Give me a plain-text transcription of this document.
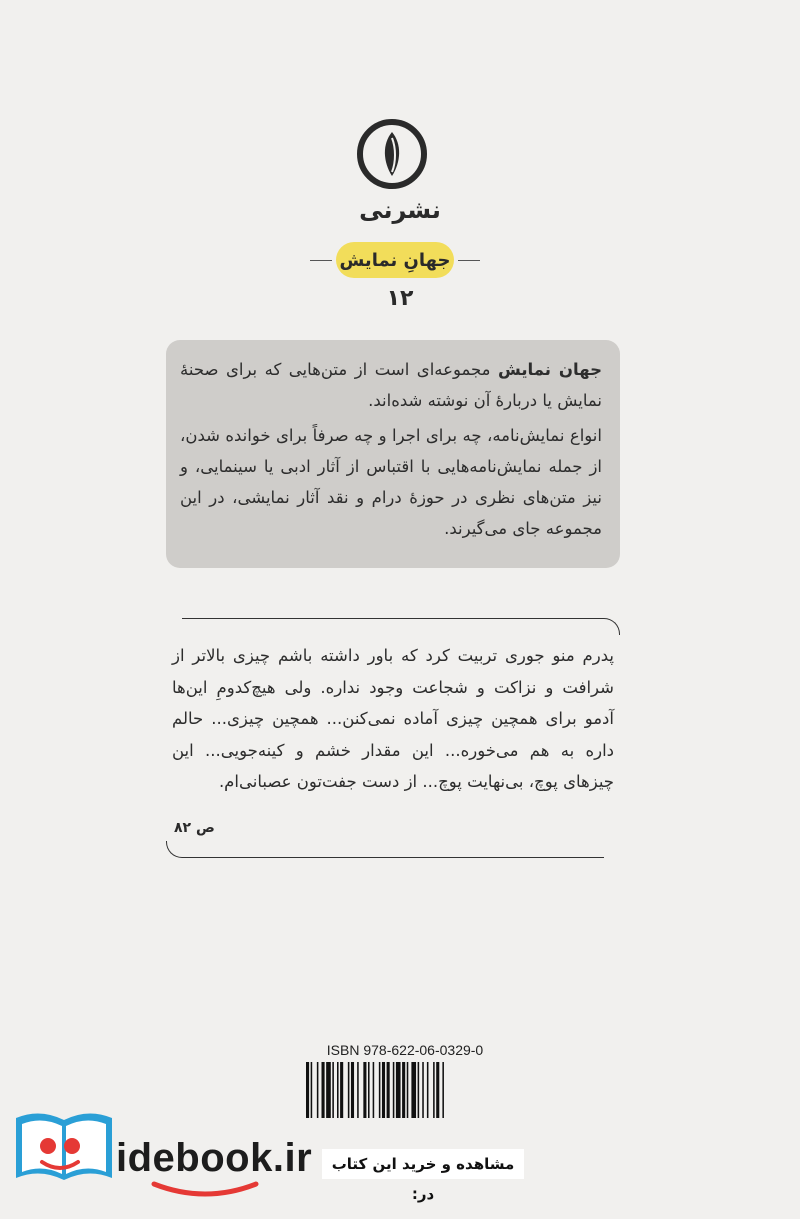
نشرنی
جهانِ نمایش
۱۲

جهان نمایش مجموعه‌ای است از متن‌هایی که برای صحنهٔ نمایش یا دربارهٔ آن نوشته شده‌اند.

انواع نمایش‌نامه، چه برای اجرا و چه صرفاً برای خوانده شدن، از جمله نمایش‌نامه‌هایی با اقتباس از آثار ادبی یا سینمایی، و نیز متن‌های نظری در حوزهٔ درام و نقد آثار نمایشی، در این مجموعه جای می‌گیرند.

پدرم منو جوری تربیت کرد که باور داشته باشم چیزی بالاتر از شرافت و نزاکت و شجاعت وجود نداره. ولی هیچ‌کدومِ این‌ها آدمو برای همچین چیزی آماده نمی‌کنن... همچین چیزی... حالم داره به هم می‌خوره... این مقدار خشم و کینه‌جویی... این چیزهای پوچ، بی‌نهایت پوچ... از دست جفت‌تون عصبانی‌ام.
ص ۸۲
ISBN 978-622-06-0329-0
idebook.ir	مشاهده و خرید این کتاب در:
